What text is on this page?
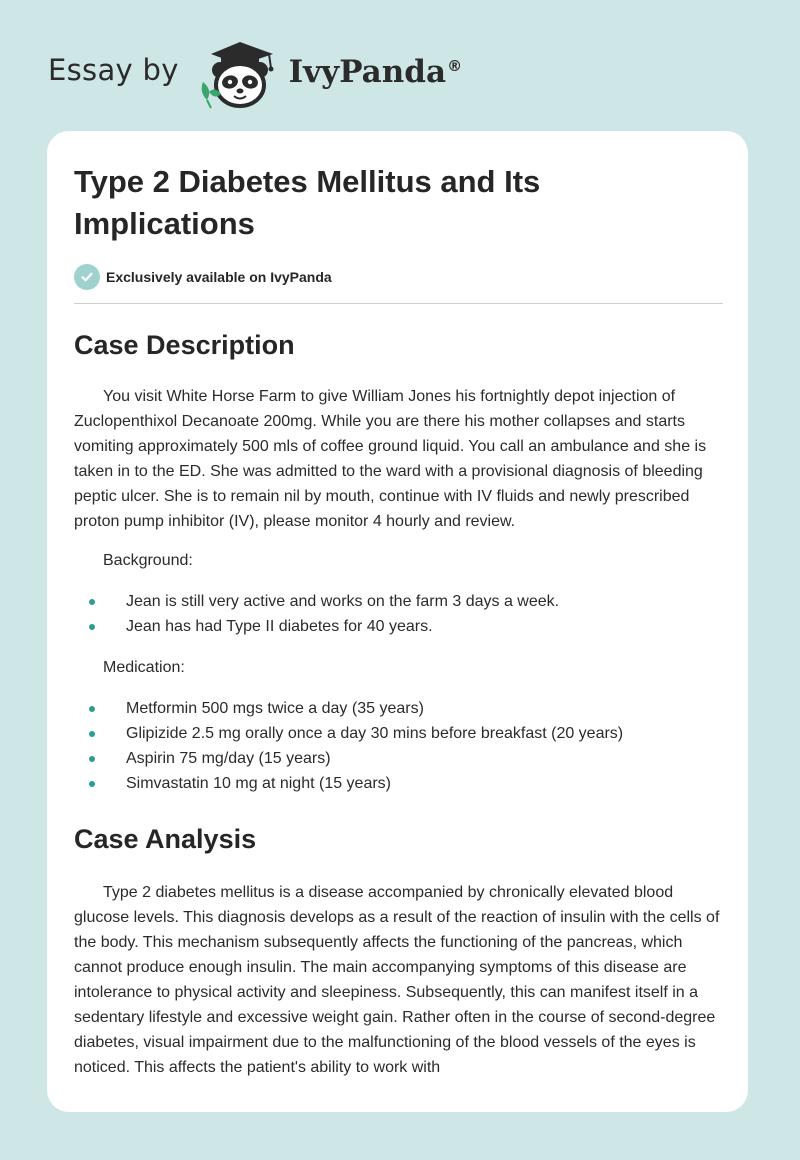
Essay by	IvyPanda®
Type 2 Diabetes Mellitus and Its Implications
Exclusively available on IvyPanda
Case Description

You visit White Horse Farm to give William Jones his fortnightly depot injection of Zuclopenthixol Decanoate 200mg. While you are there his mother collapses and starts vomiting approximately 500 mls of coffee ground liquid. You call an ambulance and she is taken in to the ED. She was admitted to the ward with a provisional diagnosis of bleeding peptic ulcer. She is to remain nil by mouth, continue with IV fluids and newly prescribed proton pump inhibitor (IV), please monitor 4 hourly and review.

Background:

Jean is still very active and works on the farm 3 days a week.
Jean has had Type II diabetes for 40 years.

Medication:

Metformin 500 mgs twice a day (35 years)
Glipizide 2.5 mg orally once a day 30 mins before breakfast (20 years)
Aspirin 75 mg/day (15 years)
Simvastatin 10 mg at night (15 years)
Case Analysis

Type 2 diabetes mellitus is a disease accompanied by chronically elevated blood glucose levels. This diagnosis develops as a result of the reaction of insulin with the cells of the body. This mechanism subsequently affects the functioning of the pancreas, which cannot produce enough insulin. The main accompanying symptoms of this disease are intolerance to physical activity and sleepiness. Subsequently, this can manifest itself in a sedentary lifestyle and excessive weight gain. Rather often in the course of second-degree diabetes, visual impairment due to the malfunctioning of the blood vessels of the eyes is noticed. This affects the patient's ability to work with
